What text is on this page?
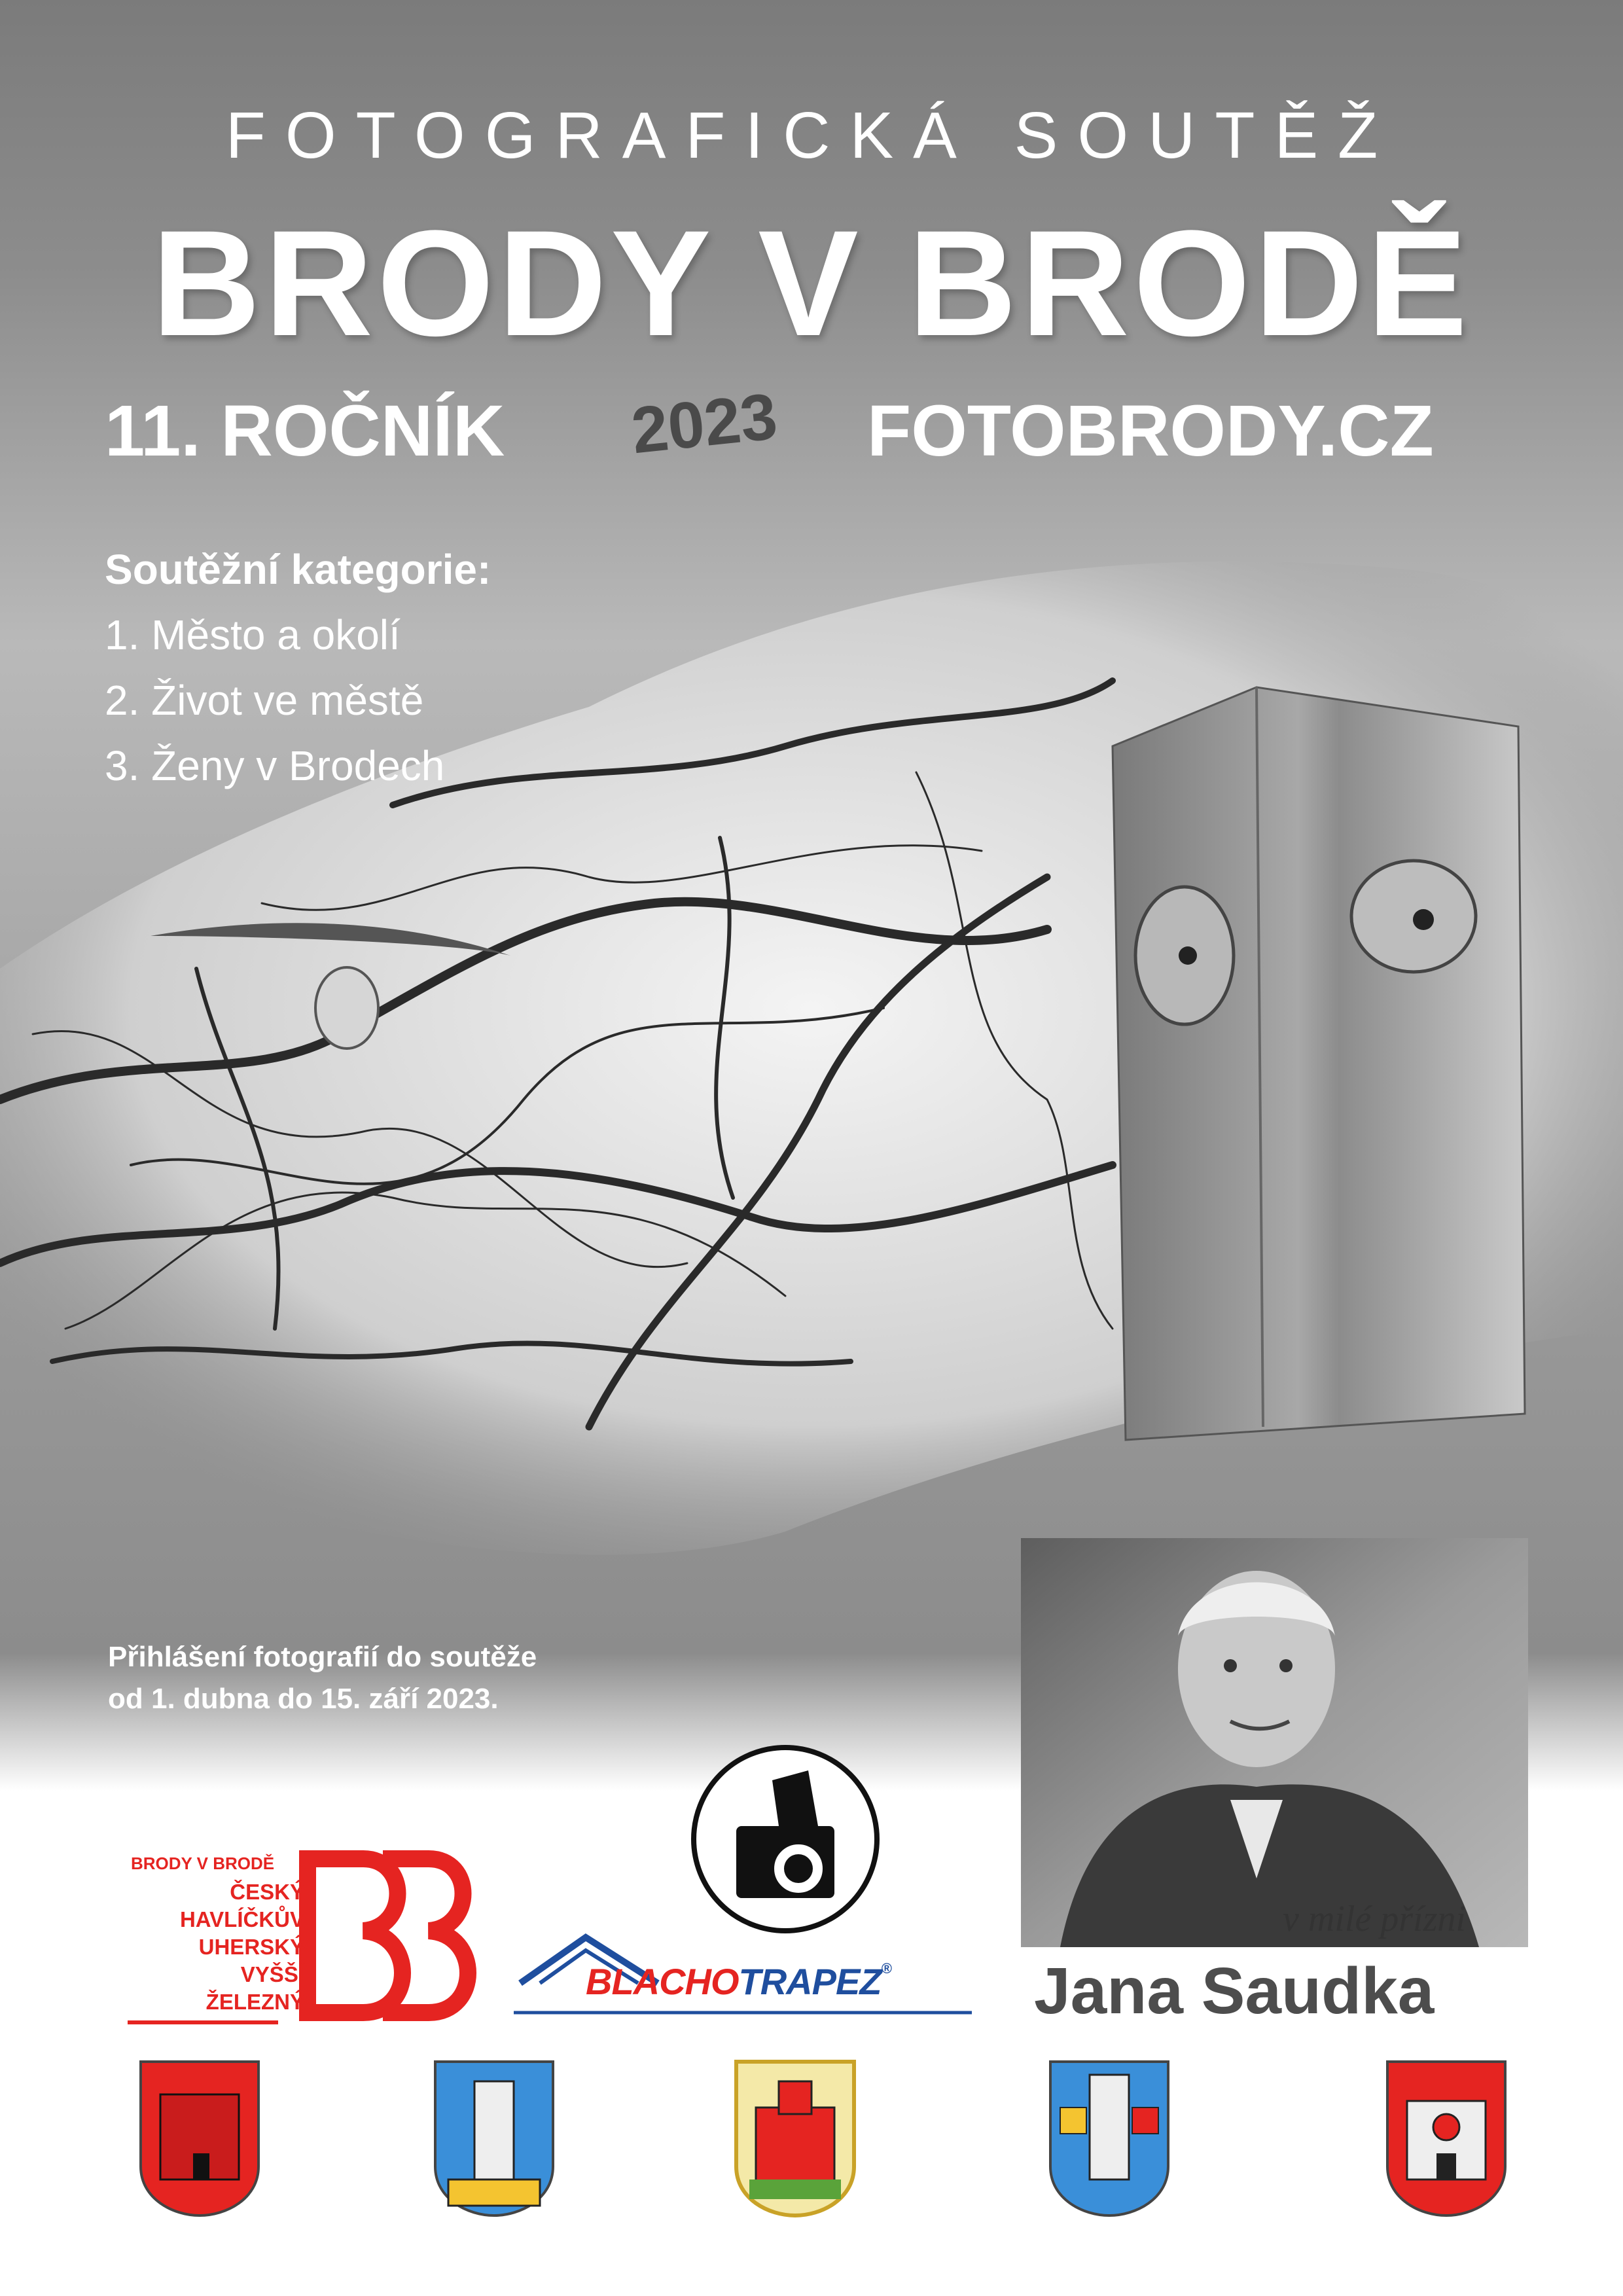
FOTOGRAFICKÁ SOUTĚŽ
BRODY V BRODĚ
11. ROČNÍK 2023 FOTOBRODY.CZ
Soutěžní kategorie:
1. Město a okolí
2. Život ve městě
3. Ženy v Brodech
Přihlášení fotografií do soutěže
od 1. dubna do 15. září 2023.
v milé přízni
Jana Saudka
BRODY V BRODĚ
ČESKÝ
HAVLÍČKŮV
UHERSKÝ
VYŠŠÍ
ŽELEZNÝ	BLACHOTRAPEZ®
